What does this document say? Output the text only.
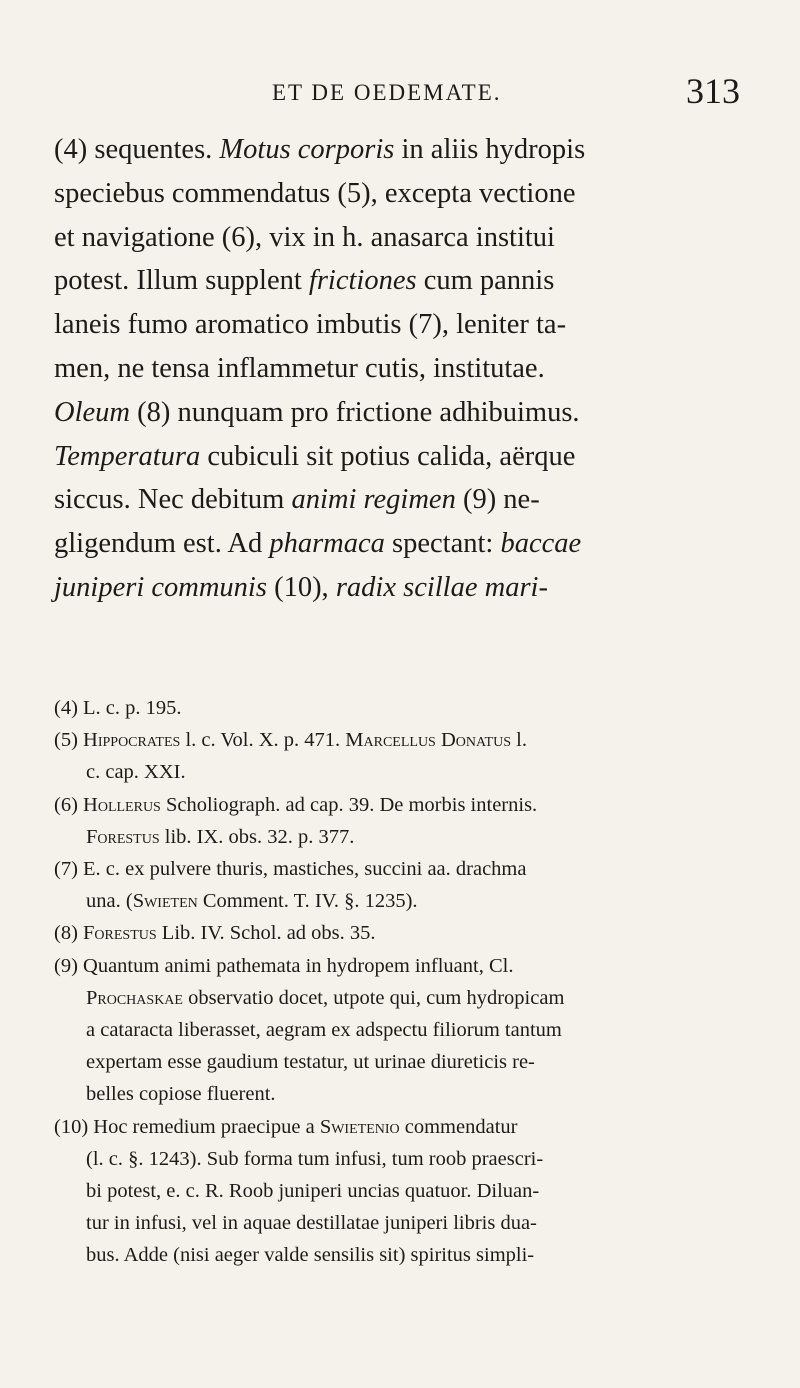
ET DE OEDEMATE.	313
(4) sequentes. Motus corporis in aliis hydropis
speciebus commendatus (5), excepta vectione
et navigatione (6), vix in h. anasarca institui
potest. Illum supplent frictiones cum pannis
laneis fumo aromatico imbutis (7), leniter ta-
men, ne tensa inflammetur cutis, institutae.
Oleum (8) nunquam pro frictione adhibuimus.
Temperatura cubiculi sit potius calida, aërque
siccus. Nec debitum animi regimen (9) ne-
gligendum est. Ad pharmaca spectant: baccae
juniperi communis (10), radix scillae mari-
(4) L. c. p. 195.
(5) Hippocrates l. c. Vol. X. p. 471. Marcellus Donatus l.
c. cap. XXI.
(6) Hollerus Scholiograph. ad cap. 39. De morbis internis.
Forestus lib. IX. obs. 32. p. 377.
(7) E. c. ex pulvere thuris, mastiches, succini aa. drachma
una. (Swieten Comment. T. IV. §. 1235).
(8) Forestus Lib. IV. Schol. ad obs. 35.
(9) Quantum animi pathemata in hydropem influant, Cl.
Prochaskae observatio docet, utpote qui, cum hydropicam
a cataracta liberasset, aegram ex adspectu filiorum tantum
expertam esse gaudium testatur, ut urinae diureticis re-
belles copiose fluerent.
(10) Hoc remedium praecipue a Swietenio commendatur
(l. c. §. 1243). Sub forma tum infusi, tum roob praescri-
bi potest, e. c. R. Roob juniperi uncias quatuor. Diluan-
tur in infusi, vel in aquae destillatae juniperi libris dua-
bus. Adde (nisi aeger valde sensilis sit) spiritus simpli-
